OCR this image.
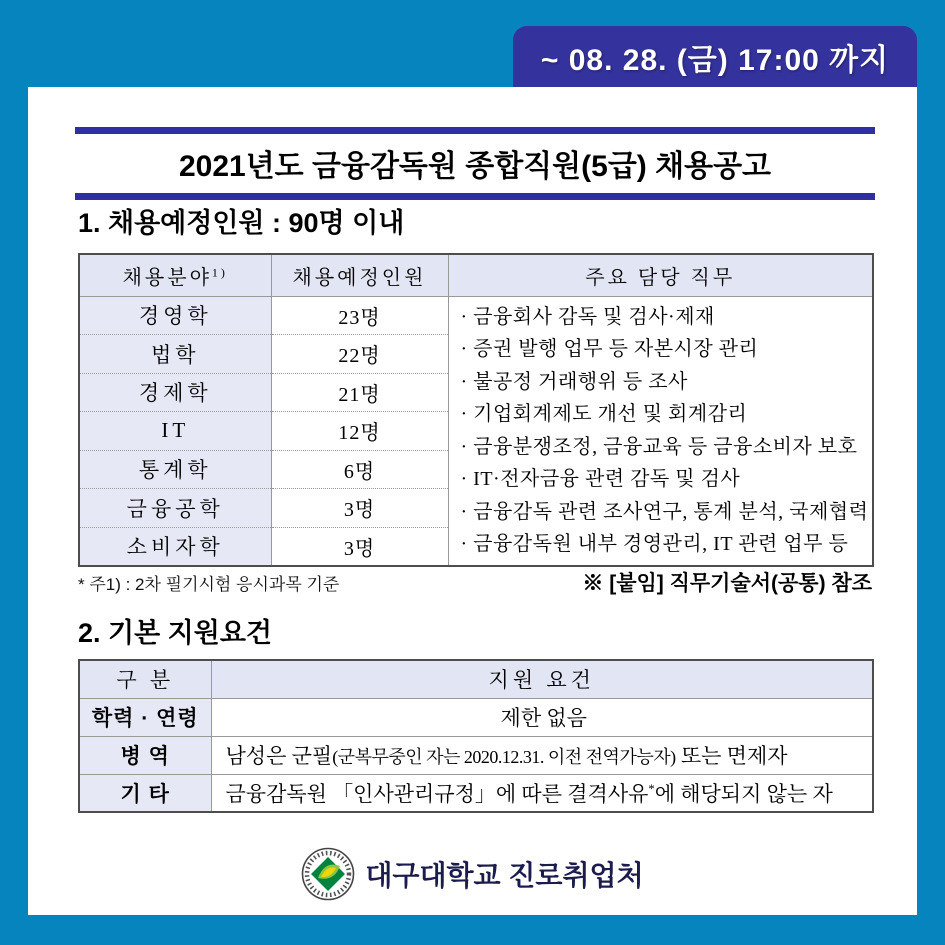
~ 08. 28. (금) 17:00 까지
2021년도 금융감독원 종합직원(5급) 채용공고
1. 채용예정인원 : 90명 이내
채용분야$^{1)}$	채용예정인원	주요 담당 직무
경영학	23명	· 금융회사 감독 및 검사·제재
· 증권 발행 업무 등 자본시장 관리
· 불공정 거래행위 등 조사
· 기업회계제도 개선 및 회계감리
· 금융분쟁조정, 금융교육 등 금융소비자 보호
· IT·전자금융 관련 감독 및 검사
· 금융감독 관련 조사연구, 통계 분석, 국제협력
· 금융감독원 내부 경영관리, IT 관련 업무 등

법학	22명	
경제학	21명	
IT	12명	
통계학	6명	
금융공학	3명	
소비자학	3명	
* 주1) : 2차 필기시험 응시과목 기준	※ [붙임] 직무기술서(공통) 참조
2. 기본 지원요건
구 분	지원 요건
학력 · 연령	제한 없음
병 역	남성은 군필(군복무중인 자는 2020.12.31. 이전 전역가능자) 또는 면제자
기 타	금융감독원 「인사관리규정」에 따른 결격사유*에 해당되지 않는 자
대구대학교 진로취업처
